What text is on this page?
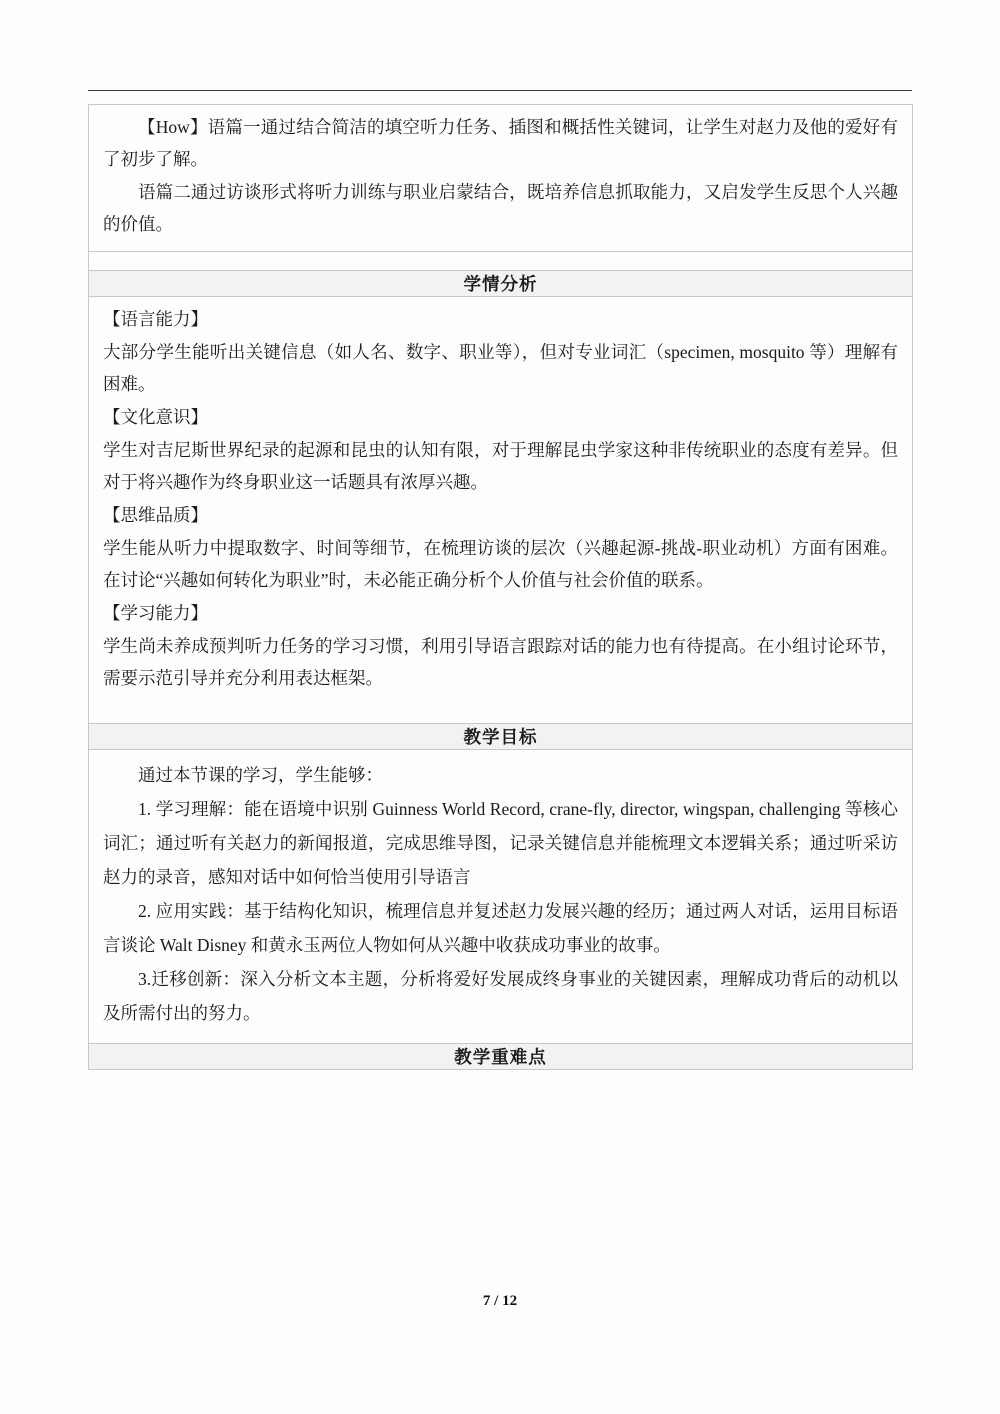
【How】语篇一通过结合简洁的填空听力任务、插图和概括性关键词，让学生对赵力及他的爱好有了初步了解。

语篇二通过访谈形式将听力训练与职业启蒙结合，既培养信息抓取能力，又启发学生反思个人兴趣的价值。

学情分析

【语言能力】

大部分学生能听出关键信息（如人名、数字、职业等），但对专业词汇（specimen, mosquito 等）理解有困难。

【文化意识】

学生对吉尼斯世界纪录的起源和昆虫的认知有限，对于理解昆虫学家这种非传统职业的态度有差异。但对于将兴趣作为终身职业这一话题具有浓厚兴趣。

【思维品质】

学生能从听力中提取数字、时间等细节，在梳理访谈的层次（兴趣起源-挑战-职业动机）方面有困难。在讨论“兴趣如何转化为职业”时，未必能正确分析个人价值与社会价值的联系。

【学习能力】

学生尚未养成预判听力任务的学习习惯，利用引导语言跟踪对话的能力也有待提高。在小组讨论环节，需要示范引导并充分利用表达框架。

教学目标

通过本节课的学习，学生能够：

1. 学习理解：能在语境中识别 Guinness World Record, crane-fly, director, wingspan, challenging 等核心词汇；通过听有关赵力的新闻报道，完成思维导图，记录关键信息并能梳理文本逻辑关系；通过听采访赵力的录音，感知对话中如何恰当使用引导语言

2. 应用实践：基于结构化知识，梳理信息并复述赵力发展兴趣的经历；通过两人对话，运用目标语言谈论 Walt Disney 和黄永玉两位人物如何从兴趣中收获成功事业的故事。

3.迁移创新：深入分析文本主题，分析将爱好发展成终身事业的关键因素，理解成功背后的动机以及所需付出的努力。

教学重难点
7 / 12
